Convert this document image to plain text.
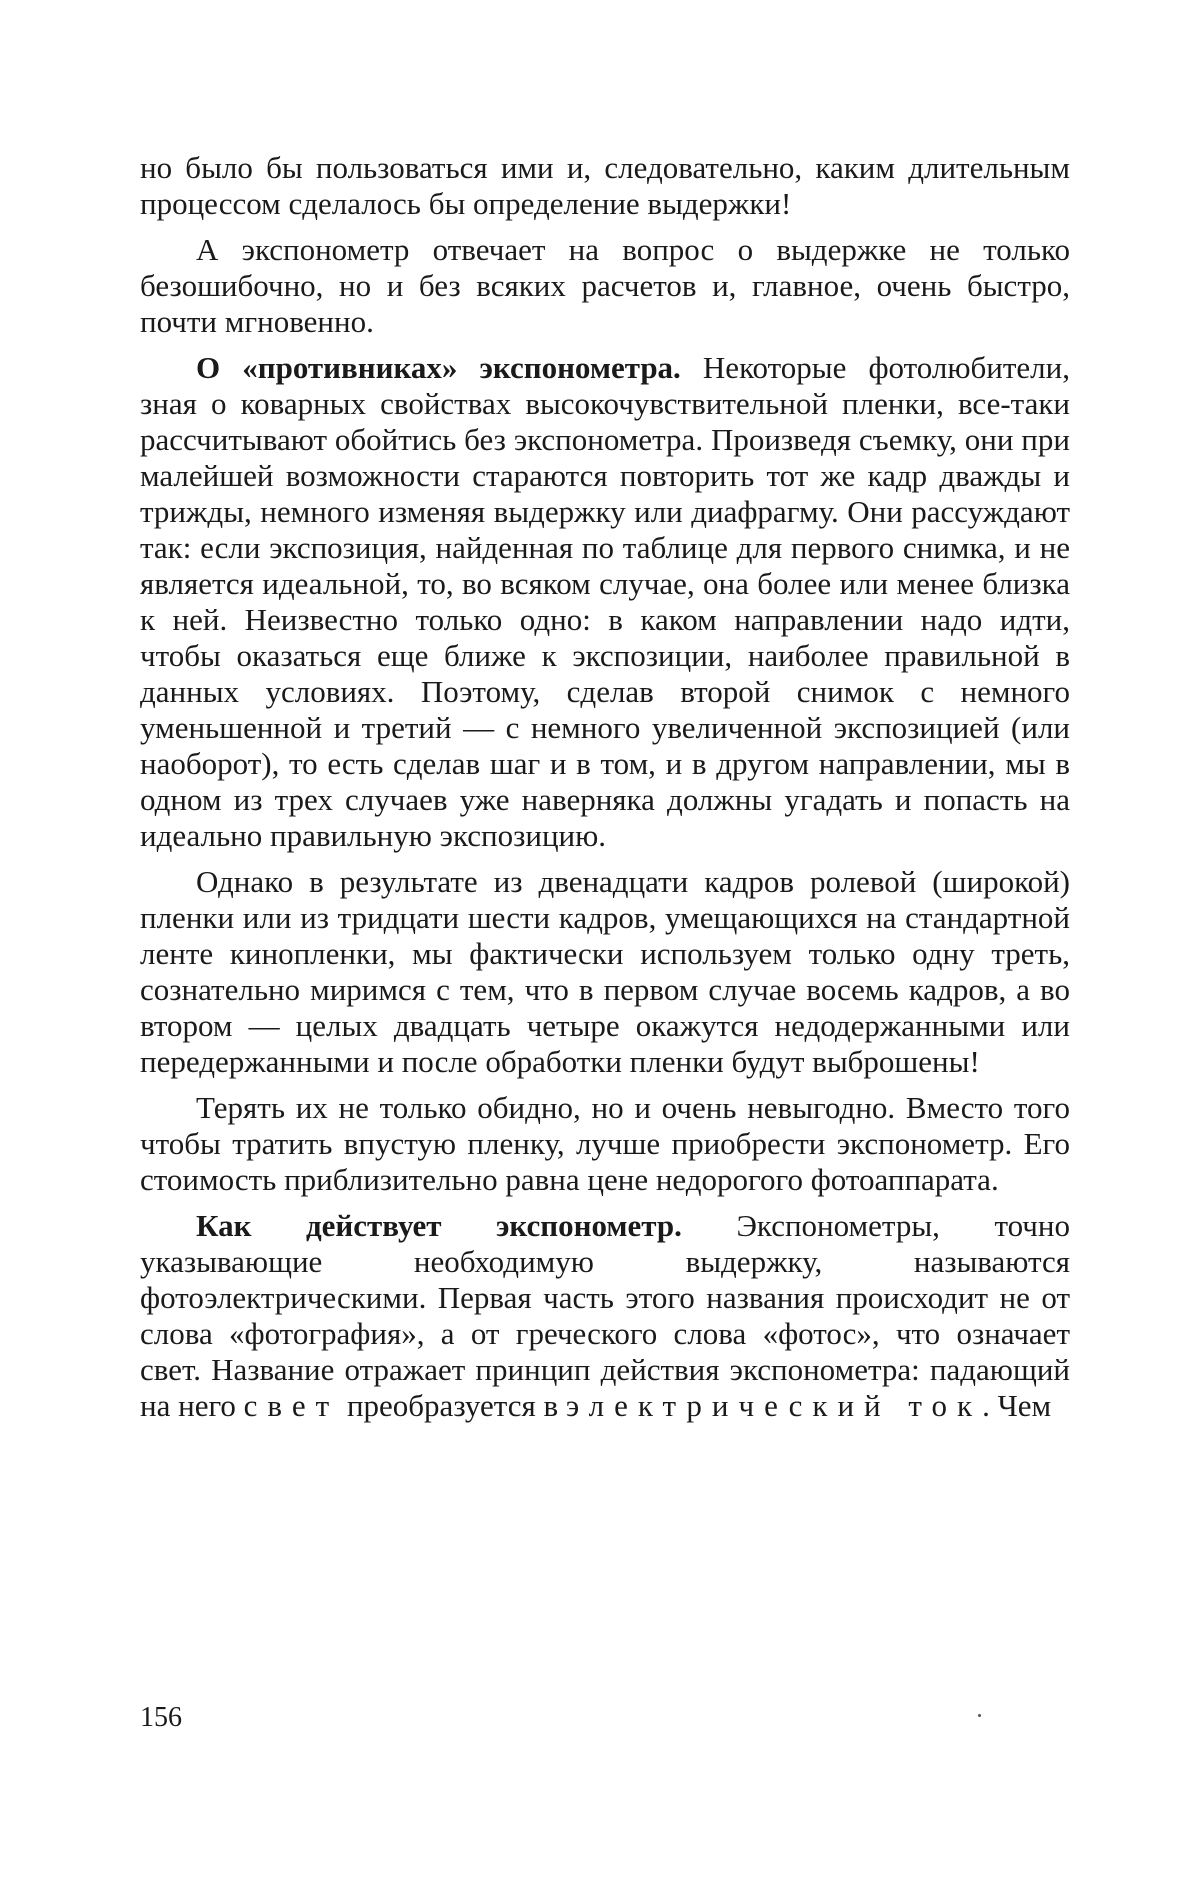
но было бы пользоваться ими и, следовательно, каким длительным процессом сделалось бы определение выдержки!

А экспонометр отвечает на вопрос о выдержке не только безошибочно, но и без всяких расчетов и, главное, очень быстро, почти мгновенно.

О «противниках» экспонометра. Некоторые фотолюбители, зная о коварных свойствах высокочувствительной пленки, все-таки рассчитывают обойтись без экспонометра. Произведя съемку, они при малейшей возможности стараются повторить тот же кадр дважды и трижды, немного изменяя выдержку или диафрагму. Они рассуждают так: если экспозиция, найденная по таблице для первого снимка, и не является идеальной, то, во всяком случае, она более или менее близка к ней. Неизвестно только одно: в каком направлении надо идти, чтобы оказаться еще ближе к экспозиции, наиболее правильной в данных условиях. Поэтому, сделав второй снимок с немного уменьшенной и третий — с немного увеличенной экспозицией (или наоборот), то есть сделав шаг и в том, и в другом направлении, мы в одном из трех случаев уже наверняка должны угадать и попасть на идеально правильную экспозицию.

Однако в результате из двенадцати кадров ролевой (широкой) пленки или из тридцати шести кадров, умещающихся на стандартной ленте кинопленки, мы фактически используем только одну треть, сознательно миримся с тем, что в первом случае восемь кадров, а во втором — целых двадцать четыре окажутся недодержанными или передержанными и после обработки пленки будут выброшены!

Терять их не только обидно, но и очень невыгодно. Вместо того чтобы тратить впустую пленку, лучше приобрести экспонометр. Его стоимость приблизительно равна цене недорогого фотоаппарата.

Как действует экспонометр. Экспонометры, точно указывающие необходимую выдержку, называются фотоэлектрическими. Первая часть этого названия происходит не от слова «фотография», а от греческого слова «фотос», что означает свет. Название отражает принцип действия экспонометра: падающий на него свет преобразуется в электрический ток. Чем

156
